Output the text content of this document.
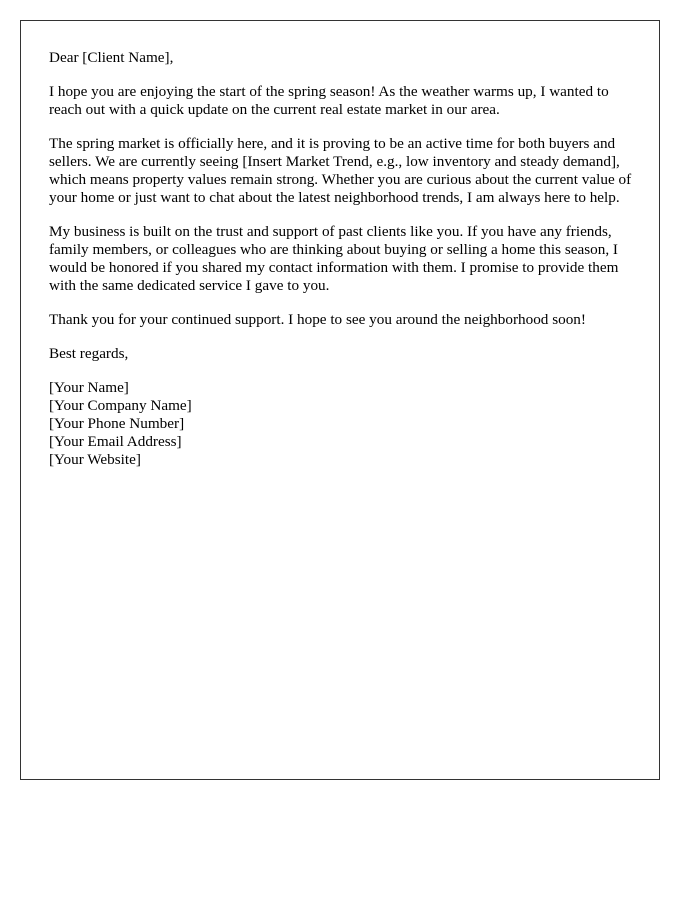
Dear [Client Name],

I hope you are enjoying the start of the spring season! As the weather warms up, I wanted to reach out with a quick update on the current real estate market in our area.

The spring market is officially here, and it is proving to be an active time for both buyers and sellers. We are currently seeing [Insert Market Trend, e.g., low inventory and steady demand], which means property values remain strong. Whether you are curious about the current value of your home or just want to chat about the latest neighborhood trends, I am always here to help.

My business is built on the trust and support of past clients like you. If you have any friends, family members, or colleagues who are thinking about buying or selling a home this season, I would be honored if you shared my contact information with them. I promise to provide them with the same dedicated service I gave to you.

Thank you for your continued support. I hope to see you around the neighborhood soon!

Best regards,

[Your Name]
[Your Company Name]
[Your Phone Number]
[Your Email Address]
[Your Website]
